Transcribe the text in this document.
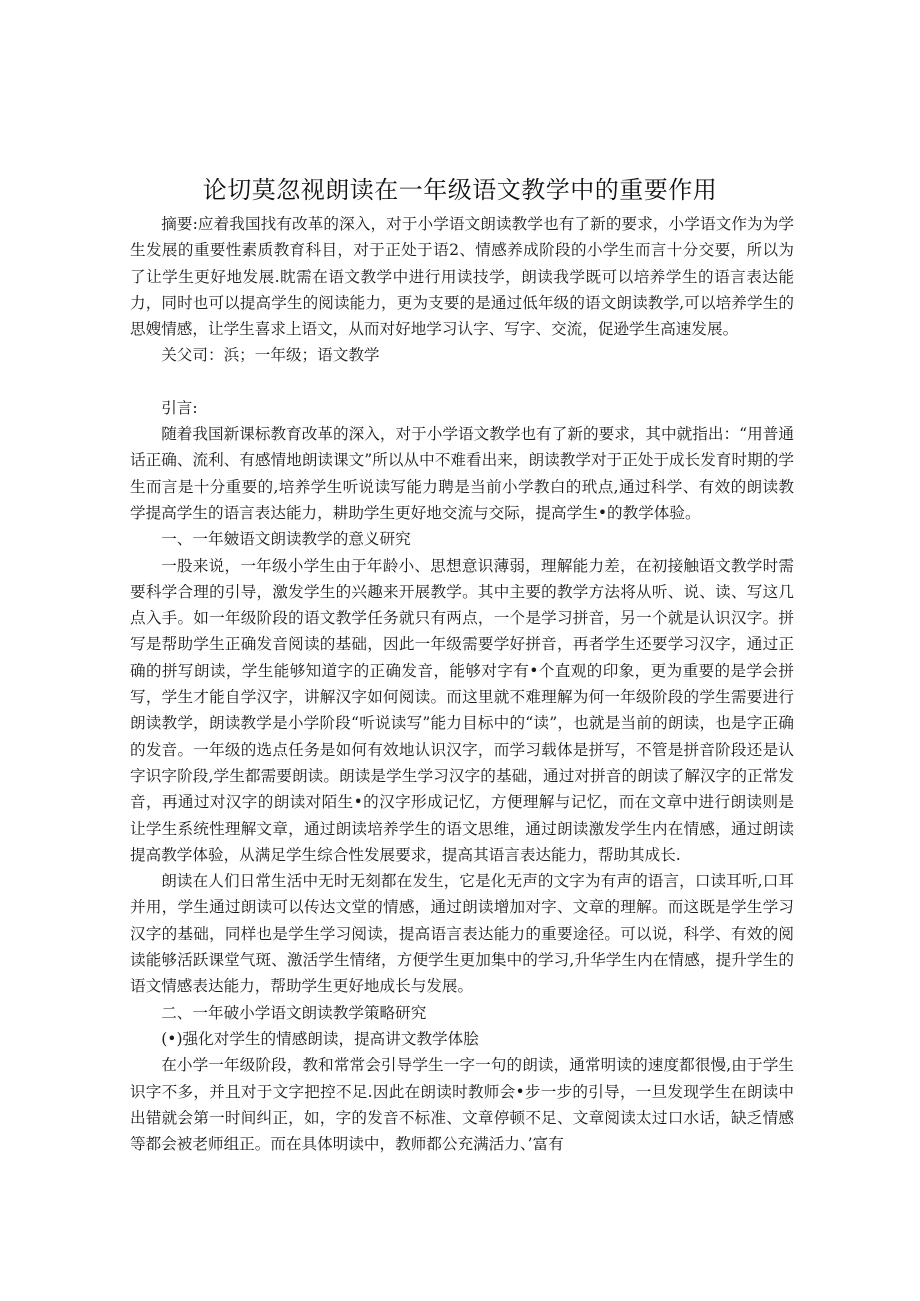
论切莫忽视朗读在一年级语文教学中的重要作用

摘要:应着我国找有改革的深入，对于小学语文朗读教学也有了新的要求，小学语文作为为学生发展的重要性素质教育科目，对于正处于语2、情感养成阶段的小学生而言十分交要，所以为了让学生更好地发展.眈需在语文教学中进行用读技学，朗读我学既可以培养学生的语言表达能力，同时也可以提高学生的阅读能力，更为支要的是通过低年级的语文朗读教学,可以培养学生的思嫂情感，让学生喜求上语文，从而对好地学习认字、写字、交流，促逊学生高速发展。

关父司：浜；一年级；语文教学

引言:

随着我国新课标教育改革的深入，对于小学语文教学也有了新的要求，其中就指出：“用普通话正确、流利、有感情地朗读课文”所以从中不难看出来，朗读教学对于正处于成长发育时期的学生而言是十分重要的,培养学生听说读写能力聘是当前小学教白的玳点,通过科学、有效的朗读教学提高学生的语言表达能力，耕助学生更好地交流与交际，提高学生•的教学体验。

一、一年皴语文朗读教学的意义研究

一股来说，一年级小学生由于年龄小、思想意识薄弱，理解能力差，在初接触语文教学时需要科学合理的引导，激发学生的兴趣来开展教学。其中主要的教学方法将从听、说、读、写这几点入手。如一年级阶段的语文教学任务就只有两点，一个是学习拼音，另一个就是认识汉字。拼写是帮助学生正确发音阅读的基础，因此一年级需要学好拼音，再者学生还要学习汉字，通过正确的拼写朗读，学生能够知道字的正确发音，能够对字有•个直观的印象，更为重要的是学会拼写，学生才能自学汉字，讲解汉字如何阅读。而这里就不难理解为何一年级阶段的学生需要进行朗读教学，朗读教学是小学阶段“听说读写”能力目标中的“读”，也就是当前的朗读，也是字正确的发音。一年级的选点任务是如何有效地认识汉字，而学习载体是拼写，不管是拼音阶段还是认字识字阶段,学生都需要朗读。朗读是学生学习汉字的基础，通过对拼音的朗读了解汉字的正常发音，再通过对汉字的朗读对陌生•的汉字形成记忆，方便理解与记忆，而在文章中进行朗读则是让学生系统性理解文章，通过朗读培养学生的语文思维，通过朗读激发学生内在情感，通过朗读提高教学体验，从满足学生综合性发展要求，提高其语言表达能力，帮助其成长.

朗读在人们日常生活中无时无刻都在发生，它是化无声的文字为有声的语言，口读耳听,口耳并用，学生通过朗读可以传达文堂的情感，通过朗读增加对字、文章的理解。而这既是学生学习汉字的基础，同样也是学生学习阅读，提高语言表达能力的重要途径。可以说，科学、有效的阅读能够活跃课堂气斑、激活学生情绪，方便学生更加集中的学习,升华学生内在情感，提升学生的语文情感表达能力，帮助学生更好地成长与发展。

二、一年破小学语文朗读教学策略研究

(•)强化对学生的情感朗读，提高讲文教学体脍

在小学一年级阶段，教和常常会引导学生一字一句的朗读，通常明读的速度都很慢,由于学生识字不多，并且对于文字把控不足.因此在朗读时教师会•步一步的引导，一旦发现学生在朗读中出错就会第一时间纠正，如，字的发音不标准、文章停顿不足、文章阅读太过口水话，缺乏情感等都会被老师组正。而在具体明读中，教师都公充满活力、’富有
